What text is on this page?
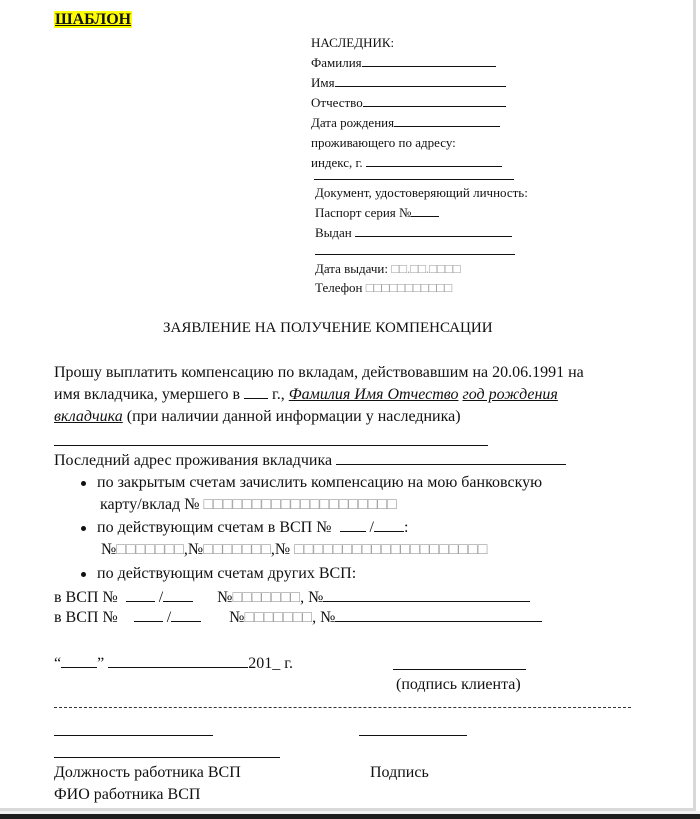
ШАБЛОН
НАСЛЕДНИК:
Фамилия
Имя
Отчество
Дата рождения
проживающего по адресу:
индекс, г.
Документ, удостоверяющий личность:
Паспорт серия №
Выдан
Дата выдачи: □□.□□.□□□□
Телефон □□□□□□□□□□□
ЗАЯВЛЕНИЕ НА ПОЛУЧЕНИЕ КОМПЕНСАЦИИ
Прошу выплатить компенсацию по вкладам, действовавшим на 20.06.1991 на
имя вкладчика, умершего в г., Фамилия Имя Отчество год рождения
вкладчика (при наличии данной информации у наследника)
Последний адрес проживания вкладчика
по закрытым счетам зачислить компенсацию на мою банковскую
карту/вклад № □□□□□□□□□□□□□□□□□□□□
по действующим счетам в ВСП № / :
№□□□□□□□,№□□□□□□□,№ □□□□□□□□□□□□□□□□□□□□
по действующим счетам других ВСП:
в ВСП №	/	№□□□□□□□, №
в ВСП №	/	№□□□□□□□, №
“ ”	201_ г.
(подпись клиента)
Должность работника ВСП	Подпись
ФИО работника ВСП
